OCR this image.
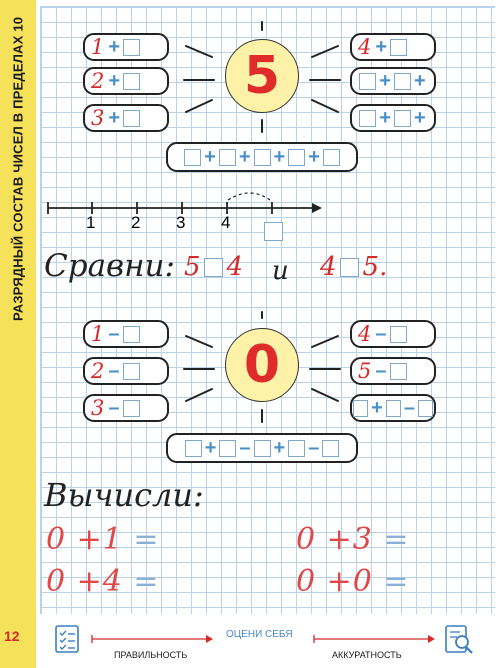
РАЗРЯДНЫЙ СОСТАВ ЧИСЕЛ В ПРЕДЕЛАХ 10
12
5
1 +
2 +
3 +
4 +
+ +
+ +
+ + + +
1 2 3 4
Сравни: 5 4 и 4 5.
0
1 –
2 –
3 –
4 –
5 –
+ –
+ – + –
Вычисли:
0 +1 =	0 +3 =
0 +4 =	0 +0 =
ПРАВИЛЬНОСТЬ
ОЦЕНИ СЕБЯ
АККУРАТНОСТЬ
